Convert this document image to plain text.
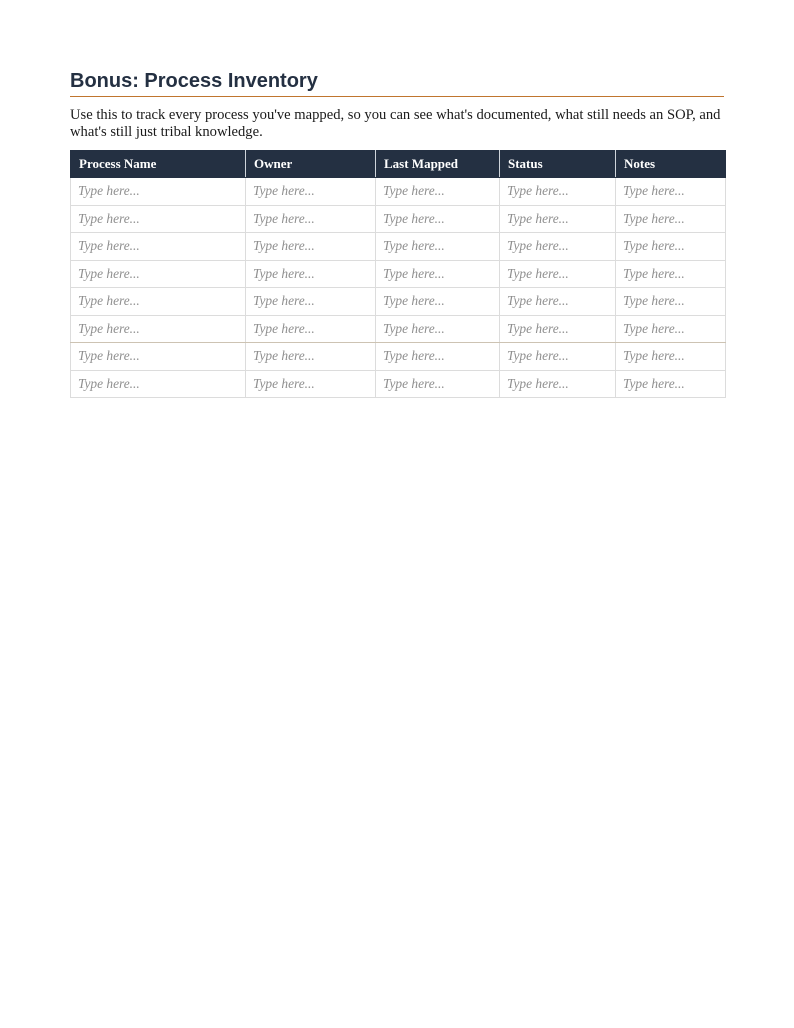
Bonus: Process Inventory

Use this to track every process you've mapped, so you can see what's documented, what still needs an SOP, and what's still just tribal knowledge.

Process Name	Owner	Last Mapped	Status	Notes
Type here...	Type here...	Type here...	Type here...	Type here...
Type here...	Type here...	Type here...	Type here...	Type here...
Type here...	Type here...	Type here...	Type here...	Type here...
Type here...	Type here...	Type here...	Type here...	Type here...
Type here...	Type here...	Type here...	Type here...	Type here...
Type here...	Type here...	Type here...	Type here...	Type here...
Type here...	Type here...	Type here...	Type here...	Type here...
Type here...	Type here...	Type here...	Type here...	Type here...
